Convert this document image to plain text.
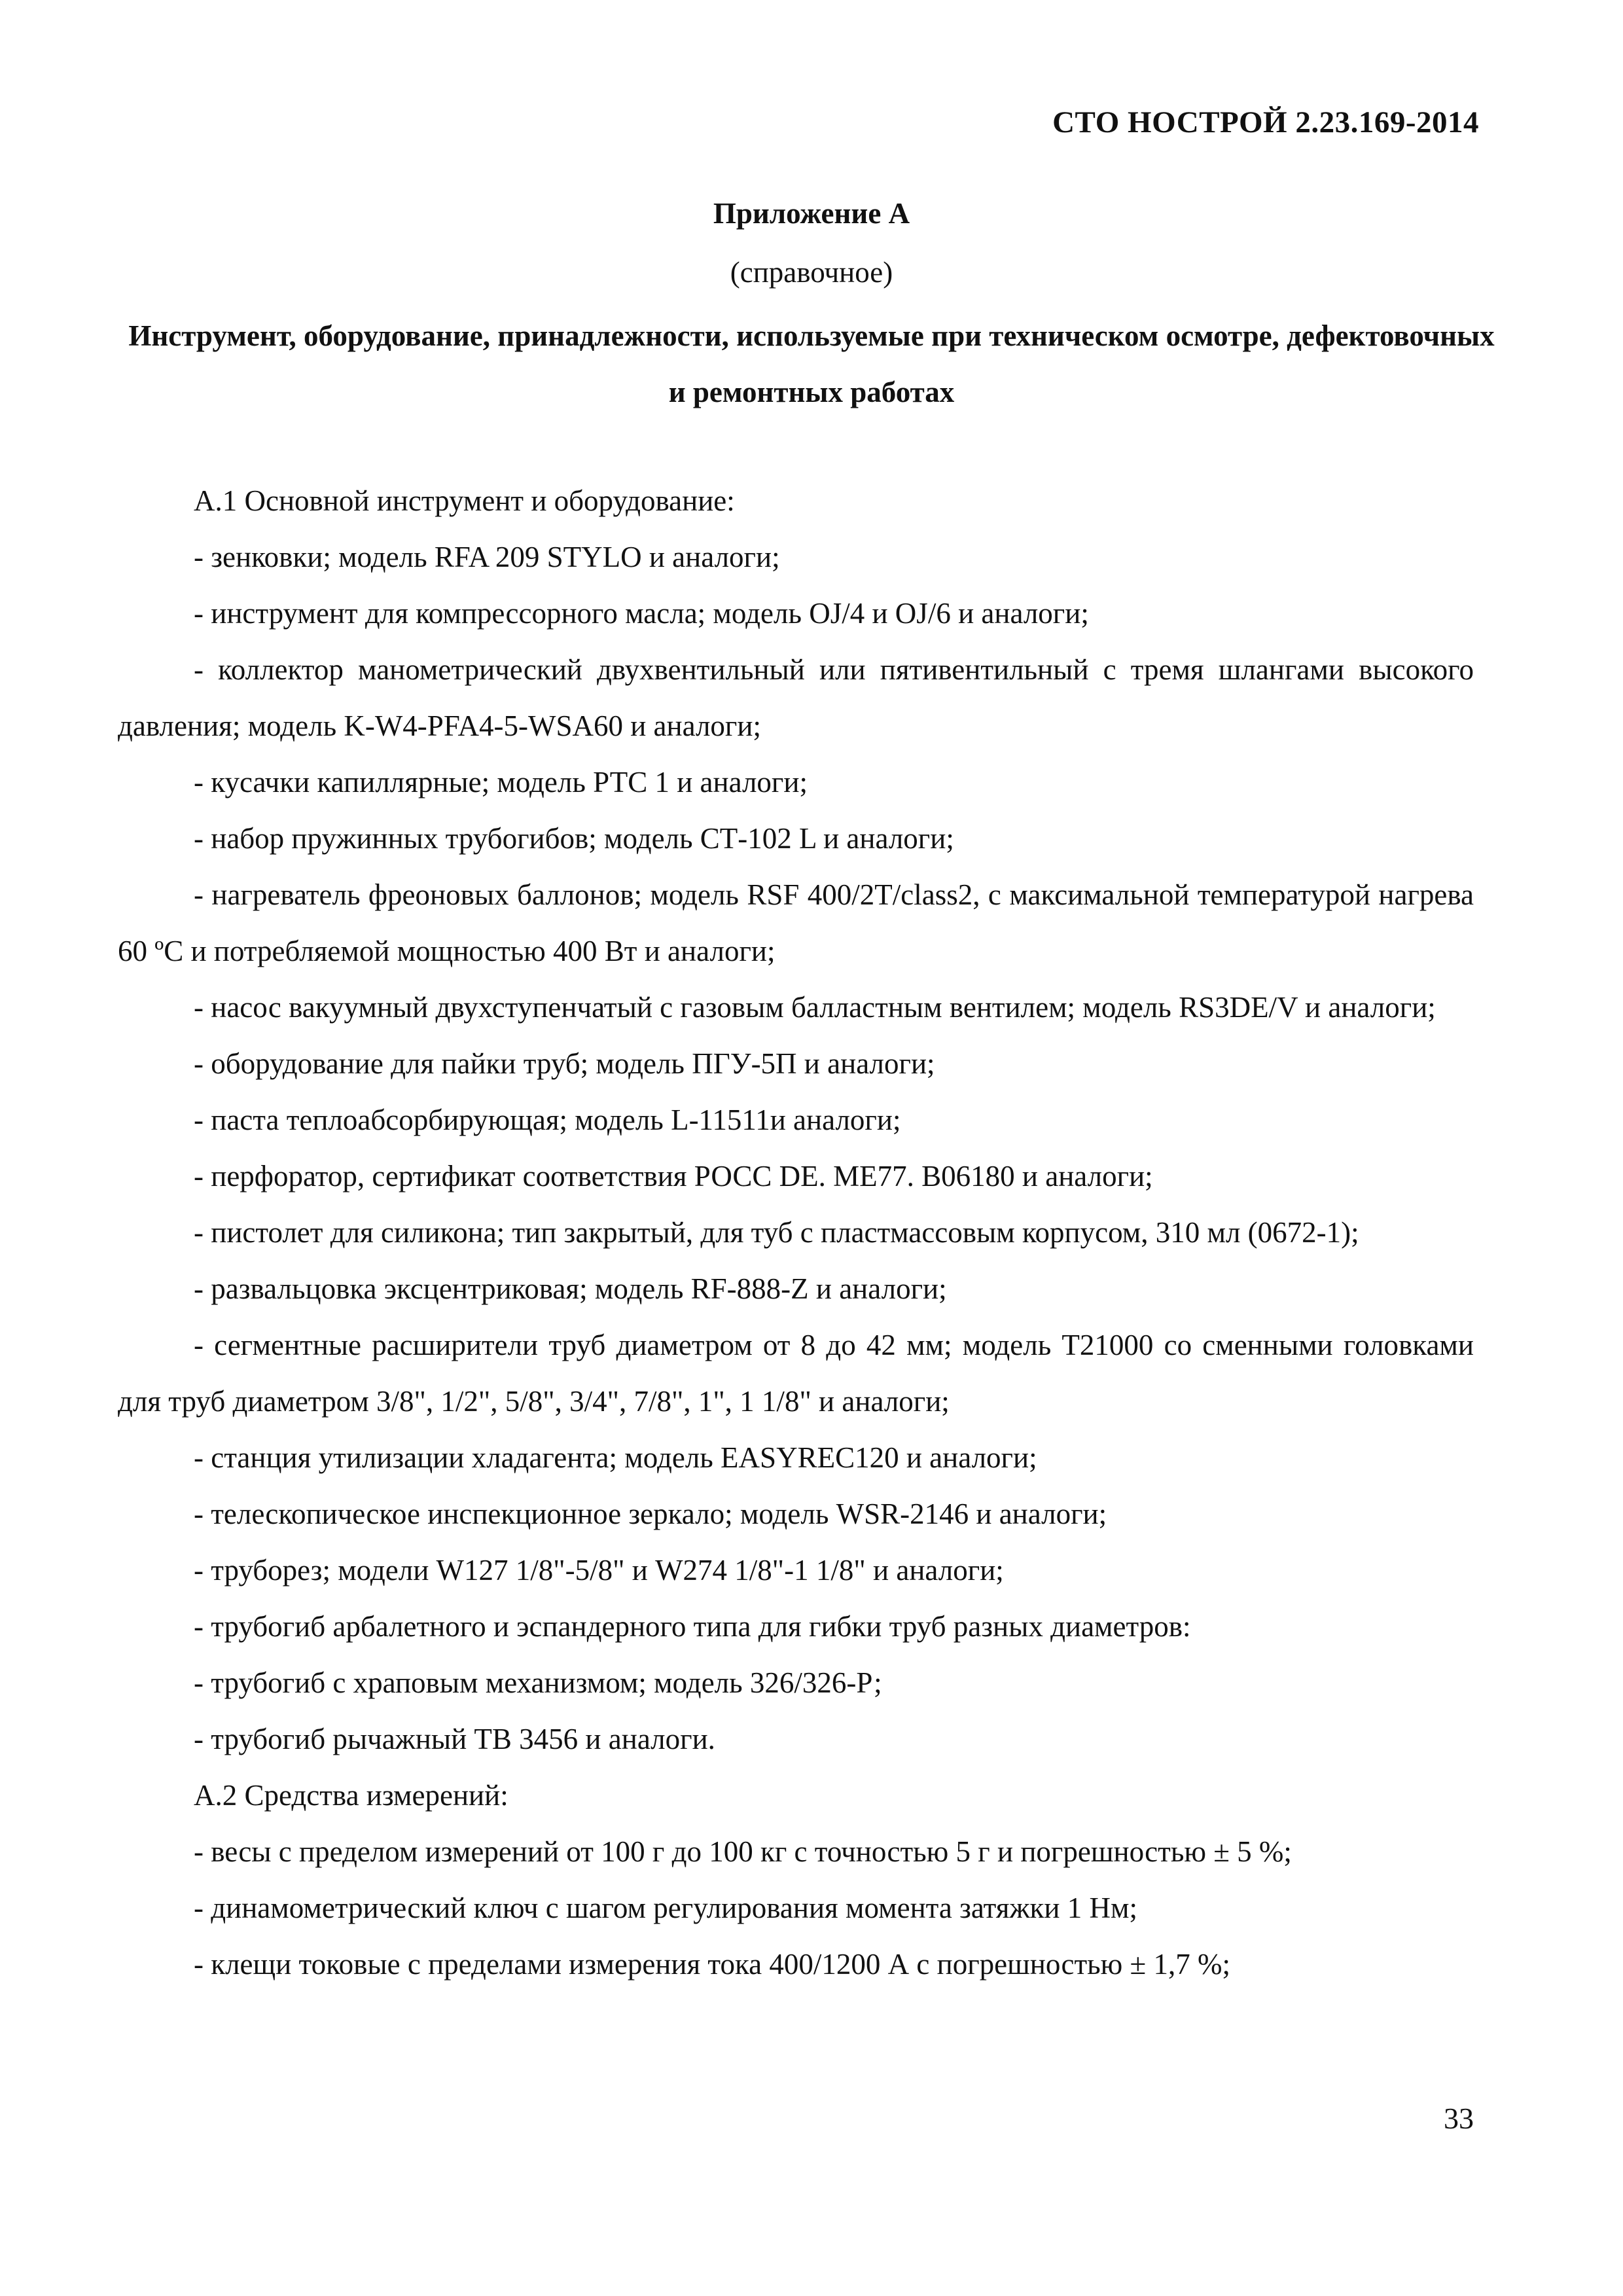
СТО НОСТРОЙ 2.23.169-2014
Приложение А
(справочное)
Инструмент, оборудование, принадлежности, используемые при техническом осмотре, дефектовочных и ремонтных работах

А.1 Основной инструмент и оборудование:

- зенковки; модель RFA 209 STYLO и аналоги;

- инструмент для компрессорного масла; модель OJ/4 и OJ/6 и аналоги;

- коллектор манометрический двухвентильный или пятивентильный с тремя шлангами высокого давления; модель K-W4-PFA4-5-WSA60 и аналоги;

- кусачки капиллярные; модель РТС 1 и аналоги;

- набор пружинных трубогибов; модель СТ-102 L и аналоги;

- нагреватель фреоновых баллонов; модель RSF 400/2T/class2, с максимальной температурой нагрева 60 ºС и потребляемой мощностью 400 Вт и аналоги;

- насос вакуумный двухступенчатый с газовым балластным вентилем; модель RS3DE/V и аналоги;

- оборудование для пайки труб; модель ПГУ-5П и аналоги;

- паста теплоабсорбирующая; модель L-11511и аналоги;

- перфоратор, сертификат соответствия РОСС DE. МЕ77. В06180 и аналоги;

- пистолет для силикона; тип закрытый, для туб с пластмассовым корпусом, 310 мл (0672-1);

- развальцовка эксцентриковая; модель RF-888-Z и аналоги;

- сегментные расширители труб диаметром от 8 до 42 мм; модель T21000 со сменными головками для труб диаметром 3/8", 1/2", 5/8", 3/4", 7/8", 1", 1 1/8" и аналоги;

- станция утилизации хладагента; модель EASYREC120 и аналоги;

- телескопическое инспекционное зеркало; модель WSR-2146 и аналоги;

- труборез; модели W127 1/8"-5/8" и W274 1/8"-1 1/8" и аналоги;

- трубогиб арбалетного и эспандерного типа для гибки труб разных диаметров:

- трубогиб с храповым механизмом; модель 326/326-Р;

- трубогиб рычажный ТВ 3456 и аналоги.

А.2 Средства измерений:

- весы с пределом измерений от 100 г до 100 кг с точностью 5 г и погрешностью ± 5 %;

- динамометрический ключ с шагом регулирования момента затяжки 1 Нм;

- клещи токовые с пределами измерения тока 400/1200 А с погрешностью ± 1,7 %;

33
